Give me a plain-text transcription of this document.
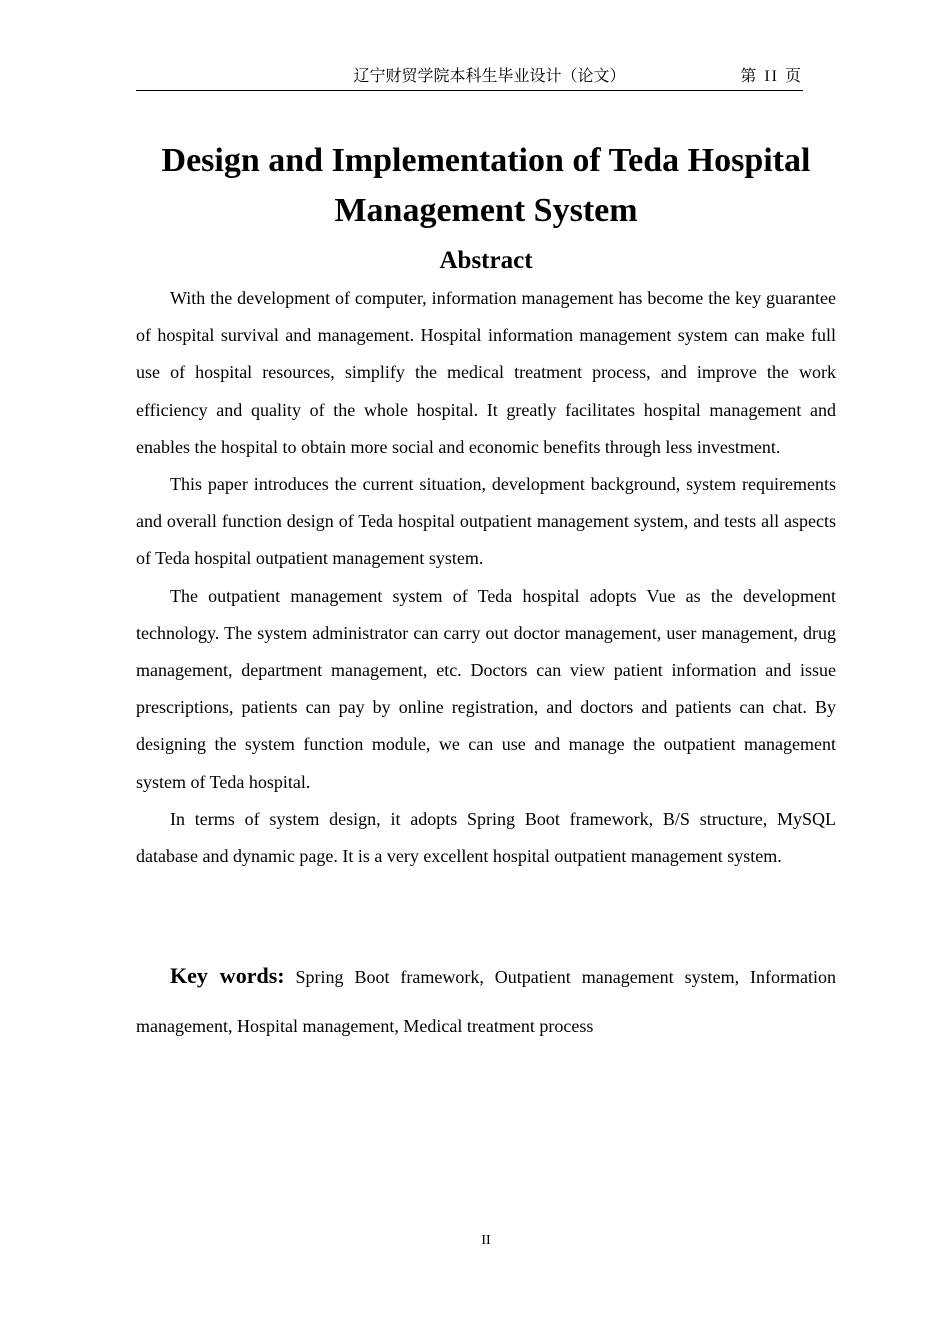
辽宁财贸学院本科生毕业设计（论文）	第 II 页
Design and Implementation of Teda Hospital Management System
Abstract

With the development of computer, information management has become the key guarantee of hospital survival and management. Hospital information management system can make full use of hospital resources, simplify the medical treatment process, and improve the work efficiency and quality of the whole hospital. It greatly facilitates hospital management and enables the hospital to obtain more social and economic benefits through less investment.

This paper introduces the current situation, development background, system requirements and overall function design of Teda hospital outpatient management system, and tests all aspects of Teda hospital outpatient management system.

The outpatient management system of Teda hospital adopts Vue as the development technology. The system administrator can carry out doctor management, user management, drug management, department management, etc. Doctors can view patient information and issue prescriptions, patients can pay by online registration, and doctors and patients can chat. By designing the system function module, we can use and manage the outpatient management system of Teda hospital.

In terms of system design, it adopts Spring Boot framework, B/S structure, MySQL database and dynamic page. It is a very excellent hospital outpatient management system.

Key words: Spring Boot framework, Outpatient management system, Information management, Hospital management, Medical treatment process

II
